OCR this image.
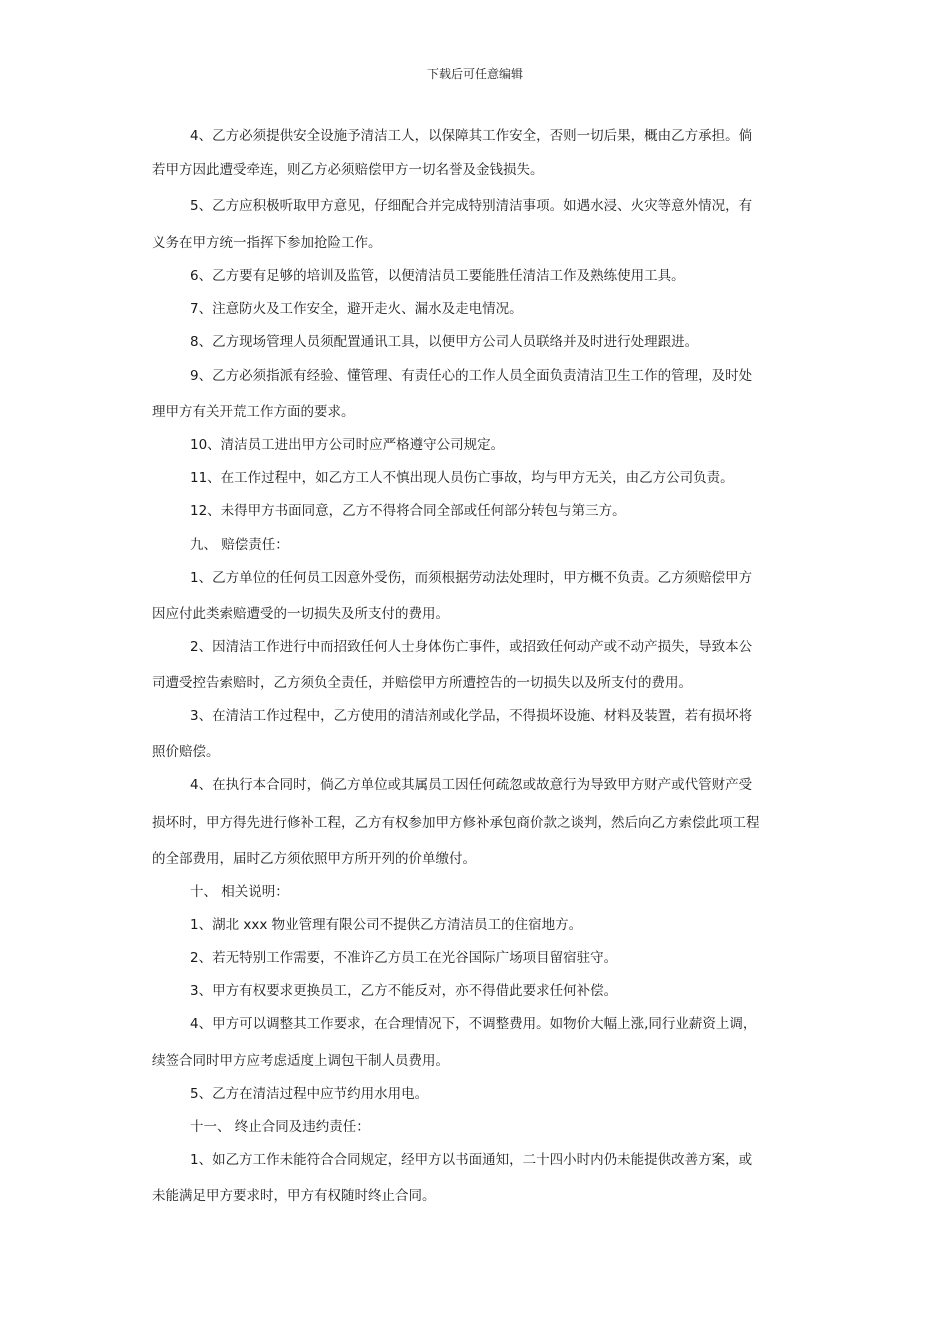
下载后可任意编辑
4、乙方必须提供安全设施予清洁工人，以保障其工作安全，否则一切后果，概由乙方承担。倘
若甲方因此遭受牵连，则乙方必须赔偿甲方一切名誉及金钱损失。
5、乙方应积极听取甲方意见，仔细配合并完成特别清洁事项。如遇水浸、火灾等意外情况，有
义务在甲方统一指挥下参加抢险工作。
6、乙方要有足够的培训及监管，以便清洁员工要能胜任清洁工作及熟练使用工具。
7、注意防火及工作安全，避开走火、漏水及走电情况。
8、乙方现场管理人员须配置通讯工具，以便甲方公司人员联络并及时进行处理跟进。
9、乙方必须指派有经验、懂管理、有责任心的工作人员全面负责清洁卫生工作的管理，及时处
理甲方有关开荒工作方面的要求。
10、清洁员工进出甲方公司时应严格遵守公司规定。
11、在工作过程中，如乙方工人不慎出现人员伤亡事故，均与甲方无关，由乙方公司负责。
12、未得甲方书面同意，乙方不得将合同全部或任何部分转包与第三方。
九、 赔偿责任：
1、乙方单位的任何员工因意外受伤，而须根据劳动法处理时，甲方概不负责。乙方须赔偿甲方
因应付此类索赔遭受的一切损失及所支付的费用。
2、因清洁工作进行中而招致任何人士身体伤亡事件，或招致任何动产或不动产损失，导致本公
司遭受控告索赔时，乙方须负全责任，并赔偿甲方所遭控告的一切损失以及所支付的费用。
3、在清洁工作过程中，乙方使用的清洁剂或化学品，不得损坏设施、材料及装置，若有损坏将
照价赔偿。
4、在执行本合同时，倘乙方单位或其属员工因任何疏忽或故意行为导致甲方财产或代管财产受
损坏时，甲方得先进行修补工程，乙方有权参加甲方修补承包商价款之谈判，然后向乙方索偿此项工程
的全部费用，届时乙方须依照甲方所开列的价单缴付。
十、 相关说明：
1、湖北 xxx 物业管理有限公司不提供乙方清洁员工的住宿地方。
2、若无特别工作需要，不准许乙方员工在光谷国际广场项目留宿驻守。
3、甲方有权要求更换员工，乙方不能反对，亦不得借此要求任何补偿。
4、甲方可以调整其工作要求，在合理情况下，不调整费用。如物价大幅上涨,同行业薪资上调，
续签合同时甲方应考虑适度上调包干制人员费用。
5、乙方在清洁过程中应节约用水用电。
十一、 终止合同及违约责任：
1、如乙方工作未能符合合同规定，经甲方以书面通知，二十四小时内仍未能提供改善方案，或
未能满足甲方要求时，甲方有权随时终止合同。
